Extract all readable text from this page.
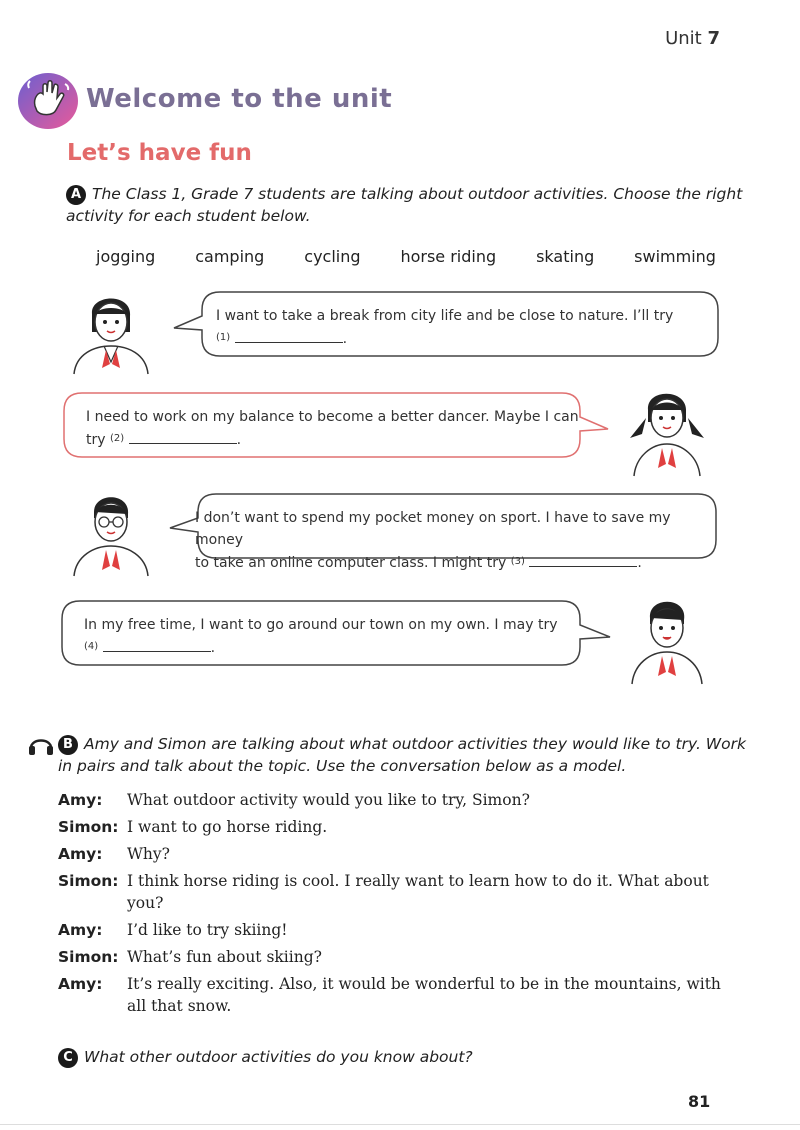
Unit 7
Welcome to the unit
Let’s have fun
A The Class 1, Grade 7 students are talking about outdoor activities. Choose the right activity for each student below.
jogging camping cycling horse riding skating swimming
I want to take a break from city life and be close to nature. I’ll try
$^{(1)}$	.
I need to work on my balance to become a better dancer. Maybe I can
try $^{(2)}$	.
I don’t want to spend my pocket money on sport. I have to save my money
to take an online computer class. I might try $^{(3)}$	.
In my free time, I want to go around our town on my own. I may try
$^{(4)}$	.
B Amy and Simon are talking about what outdoor activities they would like to try. Work in pairs and talk about the topic. Use the conversation below as a model.
Amy:	What outdoor activity would you like to try, Simon?
Simon: I want to go horse riding.
Amy:	Why?
Simon: I think horse riding is cool. I really want to learn how to do it. What about you?
Amy:	I’d like to try skiing!
Simon: What’s fun about skiing?
Amy:	It’s really exciting. Also, it would be wonderful to be in the mountains, with all that snow.
C What other outdoor activities do you know about?
81
